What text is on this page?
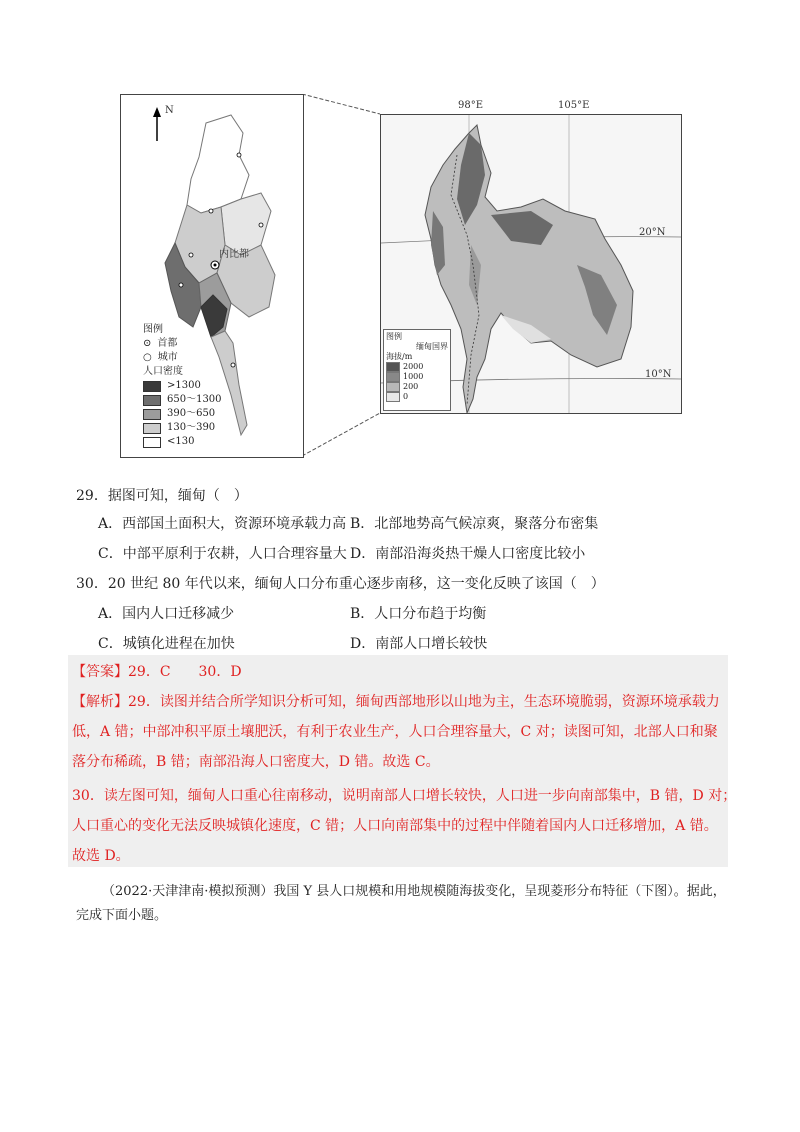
N
内比都
图例
⊙ 首都
○ 城市
人口密度
>1300
650～1300
390～650
130～390
<130
98°E	105°E
20°N
10°N
图例
缅甸国界
海拔/m
2000
1000
200
0
29．据图可知，缅甸（　）
A．西部国土面积大，资源环境承载力高 B．北部地势高气候凉爽，聚落分布密集
C．中部平原利于农耕，人口合理容量大 D．南部沿海炎热干燥人口密度比较小
30．20 世纪 80 年代以来，缅甸人口分布重心逐步南移，这一变化反映了该国（　）
A．国内人口迁移减少	B．人口分布趋于均衡
C．城镇化进程在加快	D．南部人口增长较快
【答案】29．C　　30．D
【解析】29．读图并结合所学知识分析可知，缅甸西部地形以山地为主，生态环境脆弱，资源环境承载力
低，A 错；中部冲积平原土壤肥沃，有利于农业生产，人口合理容量大，C 对；读图可知，北部人口和聚
落分布稀疏，B 错；南部沿海人口密度大，D 错。故选 C。
30．读左图可知，缅甸人口重心往南移动，说明南部人口增长较快，人口进一步向南部集中，B 错，D 对；
人口重心的变化无法反映城镇化速度，C 错；人口向南部集中的过程中伴随着国内人口迁移增加，A 错。
故选 D。
（2022·天津津南·模拟预测）我国 Y 县人口规模和用地规模随海拔变化，呈现菱形分布特征（下图）。据此，完成下面小题。
